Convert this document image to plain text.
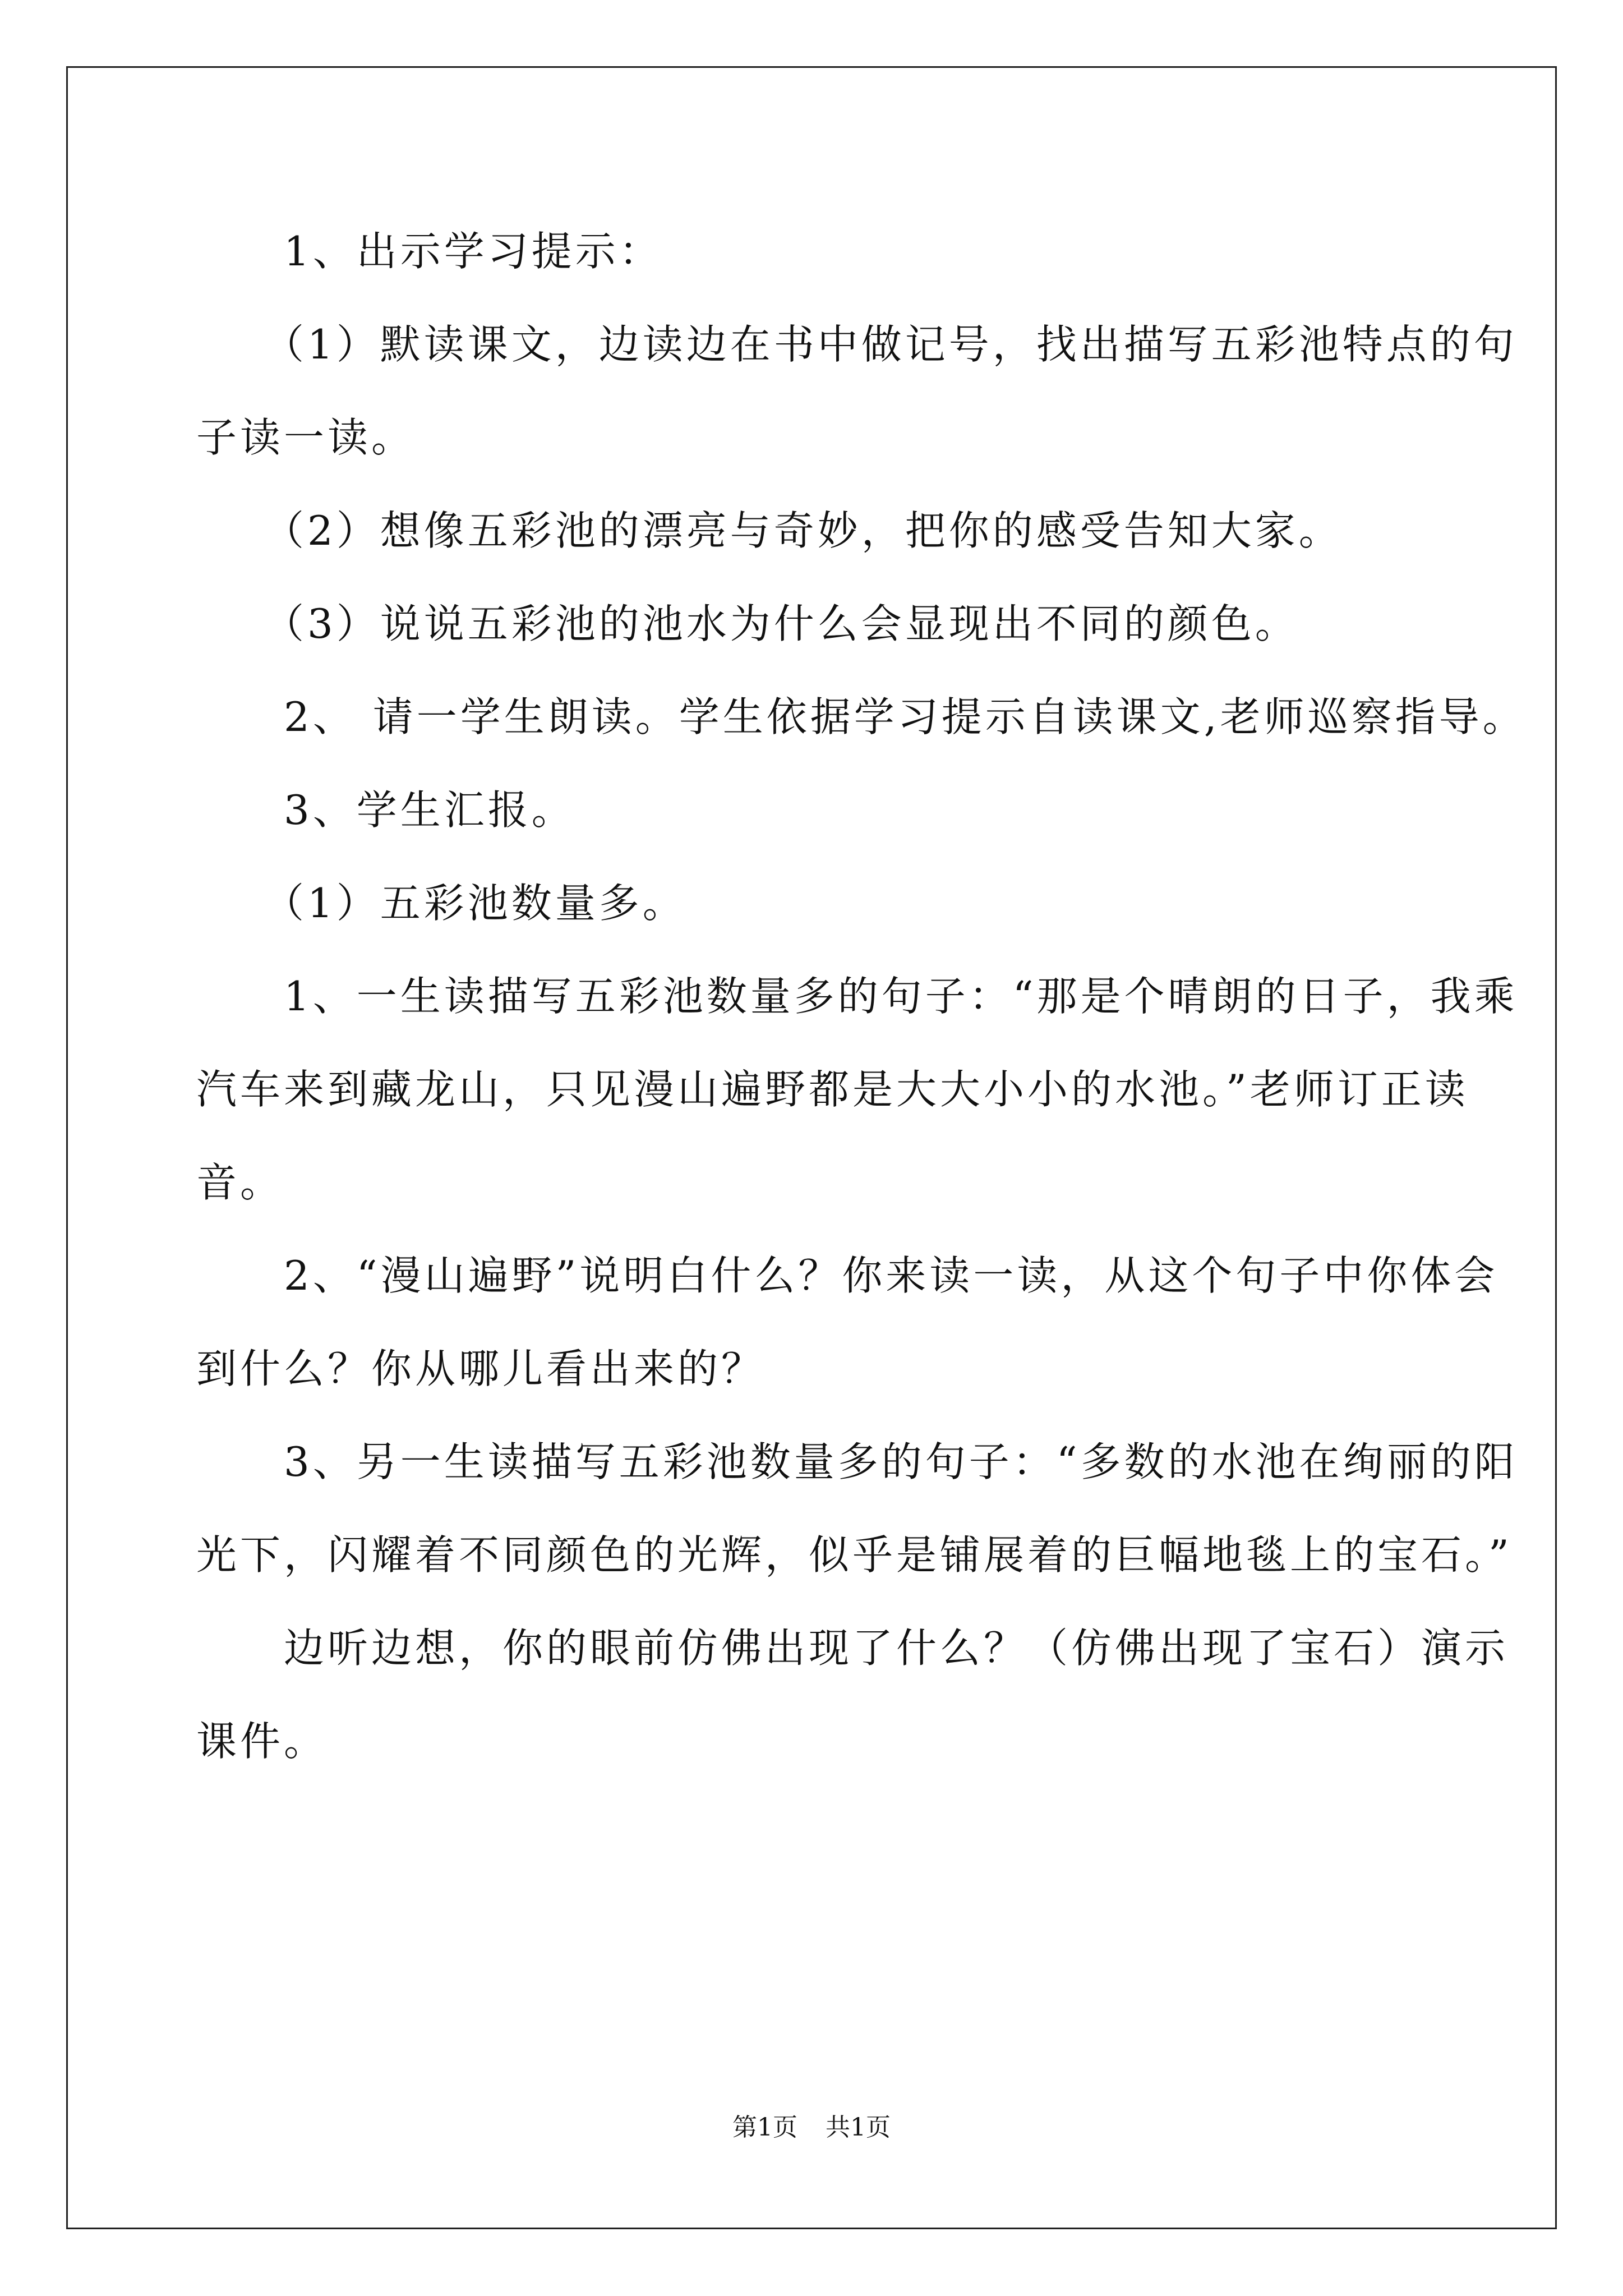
　　1、出示学习提示：
　　（1）默读课文，边读边在书中做记号，找出描写五彩池特点的句
子读一读。
　　（2）想像五彩池的漂亮与奇妙，把你的感受告知大家。
　　（3）说说五彩池的池水为什么会显现出不同的颜色。
　　2、 请一学生朗读。学生依据学习提示自读课文,老师巡察指导。
　　3、学生汇报。
　　（1）五彩池数量多。
　　1、一生读描写五彩池数量多的句子：“那是个晴朗的日子，我乘
汽车来到藏龙山，只见漫山遍野都是大大小小的水池。”老师订正读
音。
　　2、“漫山遍野”说明白什么？你来读一读，从这个句子中你体会
到什么？你从哪儿看出来的？
　　3、另一生读描写五彩池数量多的句子：“多数的水池在绚丽的阳
光下，闪耀着不同颜色的光辉，似乎是铺展着的巨幅地毯上的宝石。”
　　边听边想，你的眼前仿佛出现了什么？（仿佛出现了宝石）演示
课件。
第1页 共1页
